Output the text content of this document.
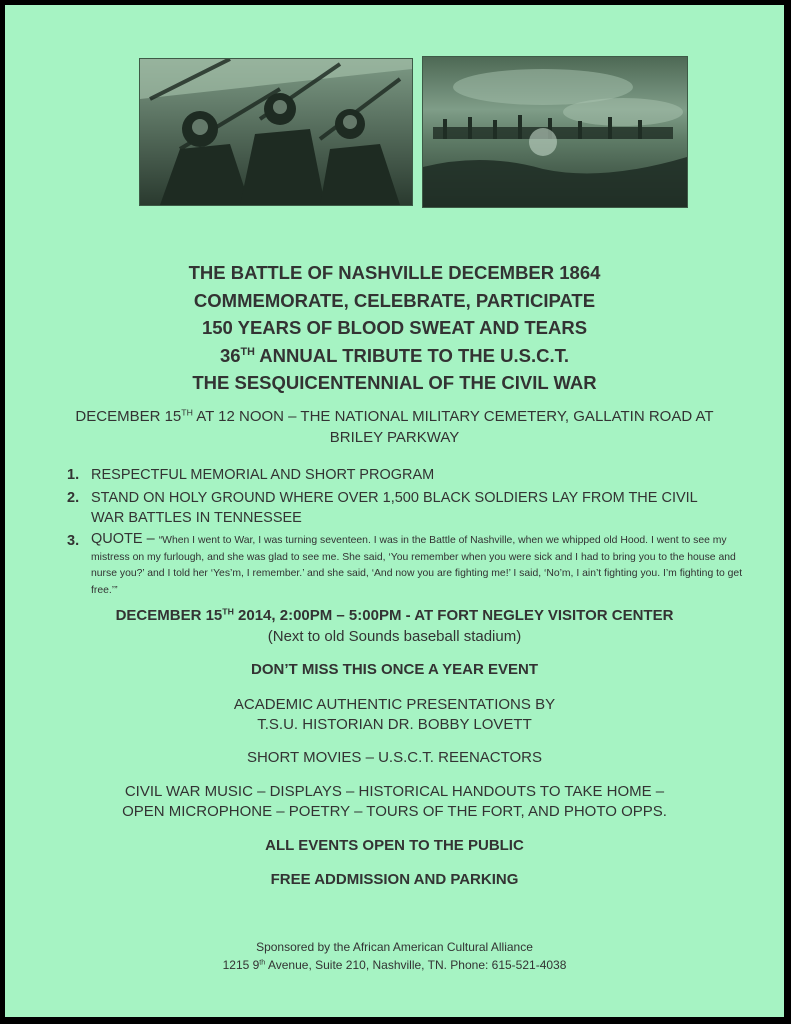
THE BATTLE OF NASHVILLE DECEMBER 1864
COMMEMORATE, CELEBRATE, PARTICIPATE
150 YEARS OF BLOOD SWEAT AND TEARS
36TH ANNUAL TRIBUTE TO THE U.S.C.T.
THE SESQUICENTENNIAL OF THE CIVIL WAR
DECEMBER 15TH AT 12 NOON – THE NATIONAL MILITARY CEMETERY, GALLATIN ROAD AT
BRILEY PARKWAY
1. RESPECTFUL MEMORIAL AND SHORT PROGRAM
2. STAND ON HOLY GROUND WHERE OVER 1,500 BLACK SOLDIERS LAY FROM THE CIVIL WAR BATTLES IN TENNESSEE
3. QUOTE – “When I went to War, I was turning seventeen. I was in the Battle of Nashville, when we whipped old Hood. I went to see my mistress on my furlough, and she was glad to see me. She said, ‘You remember when you were sick and I had to bring you to the house and nurse you?’ and I told her ‘Yes’m, I remember.’ and she said, ‘And now you are fighting me!’ I said, ‘No’m, I ain’t fighting you. I’m fighting to get free.’”
DECEMBER 15TH 2014, 2:00PM – 5:00PM - AT FORT NEGLEY VISITOR CENTER
(Next to old Sounds baseball stadium)
DON’T MISS THIS ONCE A YEAR EVENT
ACADEMIC AUTHENTIC PRESENTATIONS BY
T.S.U. HISTORIAN DR. BOBBY LOVETT
SHORT MOVIES – U.S.C.T. REENACTORS
CIVIL WAR MUSIC – DISPLAYS – HISTORICAL HANDOUTS TO TAKE HOME –
OPEN MICROPHONE – POETRY – TOURS OF THE FORT, AND PHOTO OPPS.
ALL EVENTS OPEN TO THE PUBLIC
FREE ADDMISSION AND PARKING
Sponsored by the African American Cultural Alliance
1215 9th Avenue, Suite 210, Nashville, TN. Phone: 615-521-4038
